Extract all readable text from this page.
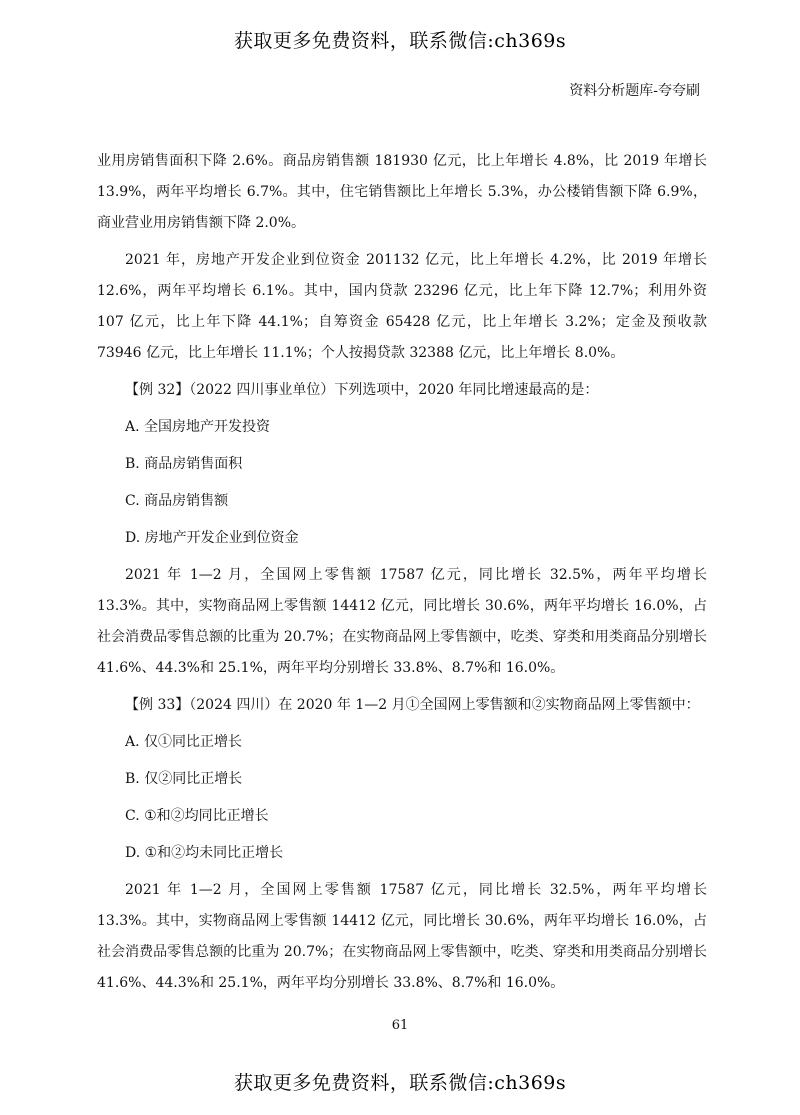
获取更多免费资料，联系微信:ch369s
资料分析题库-夸夸刷

业用房销售面积下降 2.6%。商品房销售额 181930 亿元，比上年增长 4.8%，比 2019 年增长 13.9%，两年平均增长 6.7%。其中，住宅销售额比上年增长 5.3%，办公楼销售额下降 6.9%，商业营业用房销售额下降 2.0%。

2021 年，房地产开发企业到位资金 201132 亿元，比上年增长 4.2%，比 2019 年增长 12.6%，两年平均增长 6.1%。其中，国内贷款 23296 亿元，比上年下降 12.7%；利用外资 107 亿元，比上年下降 44.1%；自筹资金 65428 亿元，比上年增长 3.2%；定金及预收款 73946 亿元，比上年增长 11.1%；个人按揭贷款 32388 亿元，比上年增长 8.0%。

【例 32】（2022 四川事业单位）下列选项中，2020 年同比增速最高的是：

A. 全国房地产开发投资

B. 商品房销售面积

C. 商品房销售额

D. 房地产开发企业到位资金

2021 年 1—2 月，全国网上零售额 17587 亿元，同比增长 32.5%，两年平均增长 13.3%。其中，实物商品网上零售额 14412 亿元，同比增长 30.6%，两年平均增长 16.0%，占社会消费品零售总额的比重为 20.7%；在实物商品网上零售额中，吃类、穿类和用类商品分别增长 41.6%、44.3%和 25.1%，两年平均分别增长 33.8%、8.7%和 16.0%。

【例 33】（2024 四川）在 2020 年 1—2 月①全国网上零售额和②实物商品网上零售额中：

A. 仅①同比正增长

B. 仅②同比正增长

C. ①和②均同比正增长

D. ①和②均未同比正增长

2021 年 1—2 月，全国网上零售额 17587 亿元，同比增长 32.5%，两年平均增长 13.3%。其中，实物商品网上零售额 14412 亿元，同比增长 30.6%，两年平均增长 16.0%，占社会消费品零售总额的比重为 20.7%；在实物商品网上零售额中，吃类、穿类和用类商品分别增长 41.6%、44.3%和 25.1%，两年平均分别增长 33.8%、8.7%和 16.0%。

61
获取更多免费资料，联系微信:ch369s
